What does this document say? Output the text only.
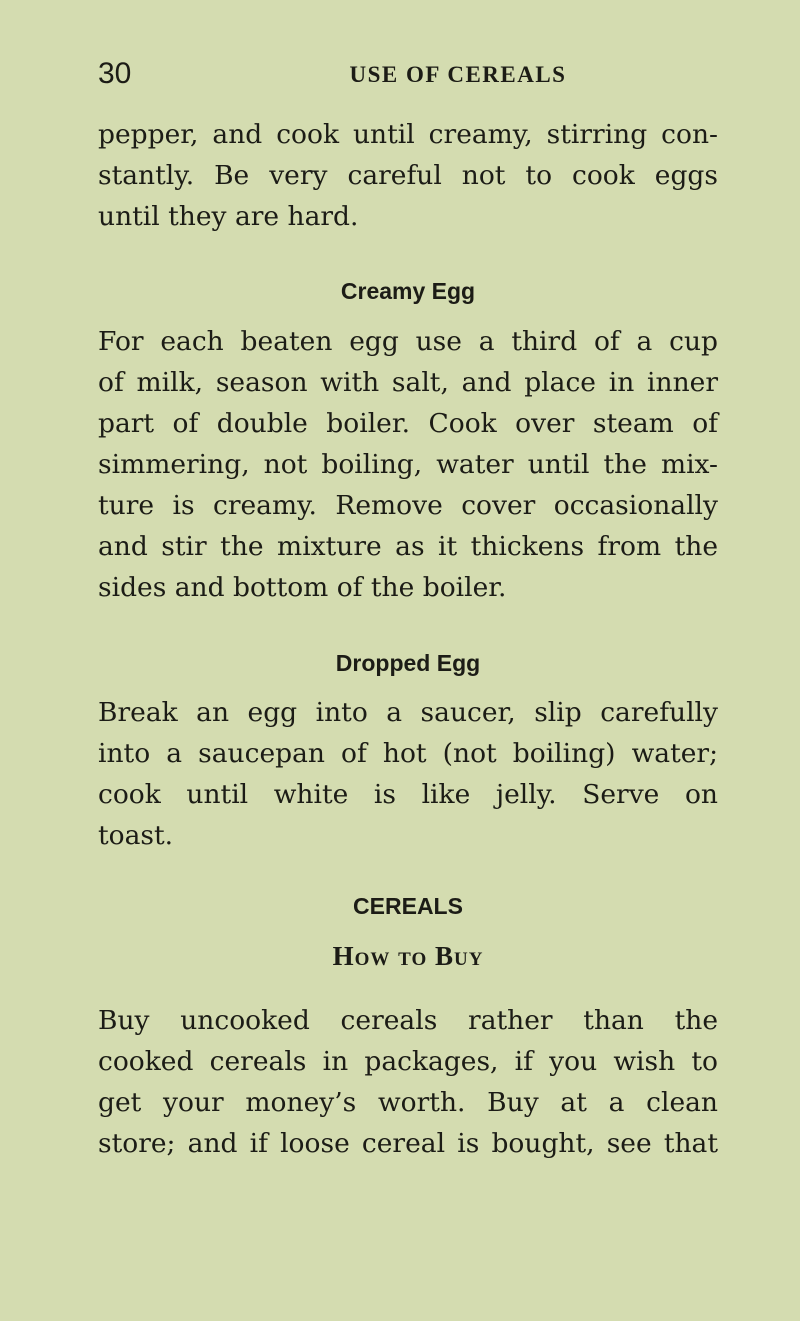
30	USE OF CEREALS

pepper, and cook until creamy, stirring con-
stantly. Be very careful not to cook eggs
until they are hard.

Creamy Egg

For each beaten egg use a third of a cup
of milk, season with salt, and place in inner
part of double boiler. Cook over steam of
simmering, not boiling, water until the mix-
ture is creamy. Remove cover occasionally
and stir the mixture as it thickens from the
sides and bottom of the boiler.

Dropped Egg

Break an egg into a saucer, slip carefully
into a saucepan of hot (not boiling) water;
cook until white is like jelly. Serve on
toast.

CEREALS
How to Buy

Buy uncooked cereals rather than the
cooked cereals in packages, if you wish to
get your money’s worth. Buy at a clean
store; and if loose cereal is bought, see that
